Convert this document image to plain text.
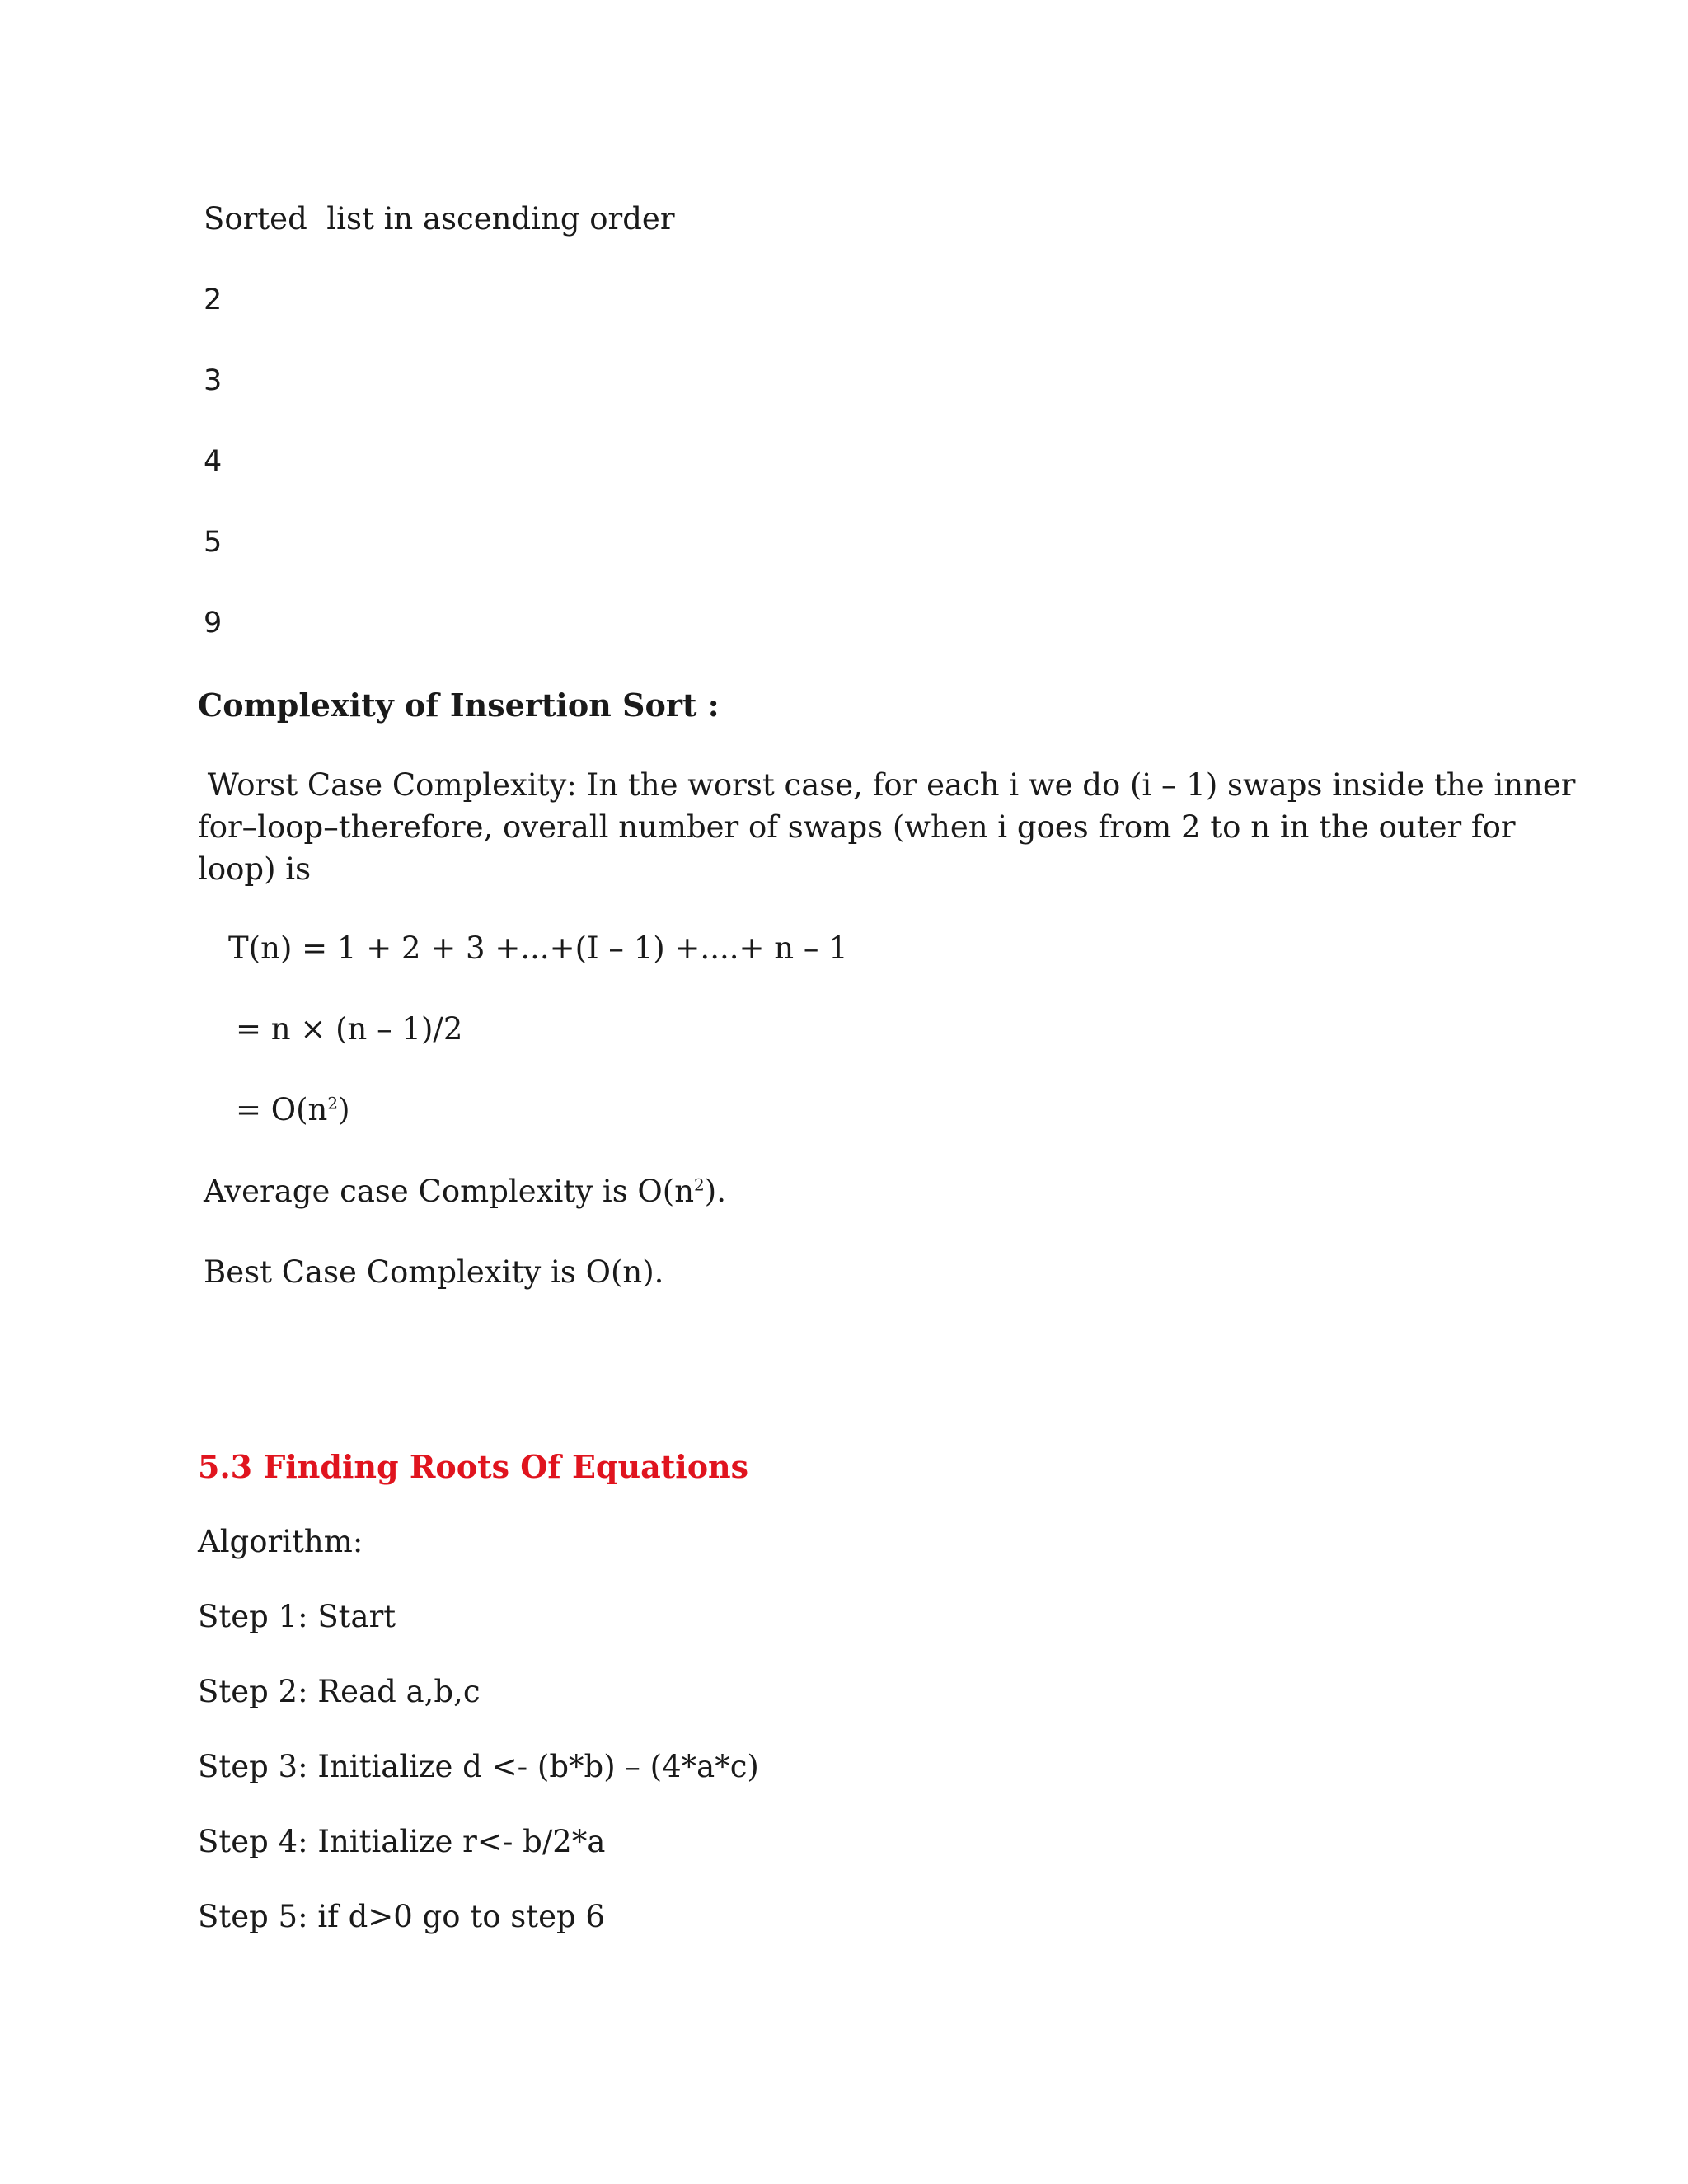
Sorted  list in ascending order
2
3
4
5
9
Complexity of Insertion Sort :
Worst Case Complexity: In the worst case, for each i we do (i – 1) swaps inside the inner
for–loop–therefore, overall number of swaps (when i goes from 2 to n in the outer for
loop) is
T(n) = 1 + 2 + 3 +...+(I – 1) +....+ n – 1
= n × (n – 1)/2
= $O(n^2)$
Average case Complexity is $O(n^2)$.
Best Case Complexity is O(n).
5.3 Finding Roots Of Equations
Algorithm:
Step 1: Start
Step 2: Read a,b,c
Step 3: Initialize d <- (b*b) – (4*a*c)
Step 4: Initialize r<- b/2*a
Step 5: if d>0 go to step 6
